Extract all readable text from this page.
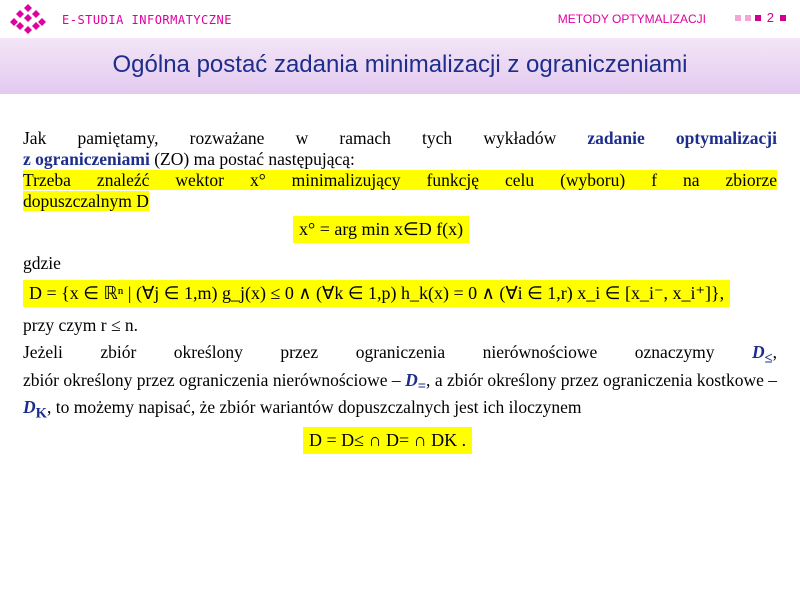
E-STUDIA INFORMATYCZNE	METODY OPTYMALIZACJI	2
Ogólna postać zadania minimalizacji z ograniczeniami

Jak pamiętamy, rozważane w ramach tych wykładów zadanie optymalizacji

z ograniczeniami (ZO) ma postać następującą:

Trzeba znaleźć wektor x° minimalizujący funkcję celu (wyboru) f na zbiorze

dopuszczalnym D

x° = arg min x∈D f(x)

gdzie

D = {x ∈ ℝⁿ | (∀j ∈ 1,m) g_j(x) ≤ 0 ∧ (∀k ∈ 1,p) h_k(x) = 0 ∧ (∀i ∈ 1,r) x_i ∈ [x_i⁻, x_i⁺]},

przy czym r ≤ n.

Jeżeli zbiór określony przez ograniczenia nierównościowe oznaczymy $D_\le$,

zbiór określony przez ograniczenia nierównościowe – $D_=$, a zbiór określony przez ograniczenia kostkowe –

$D_K$, to możemy napisać, że zbiór wariantów dopuszczalnych jest ich iloczynem

D = D≤ ∩ D= ∩ DK .
